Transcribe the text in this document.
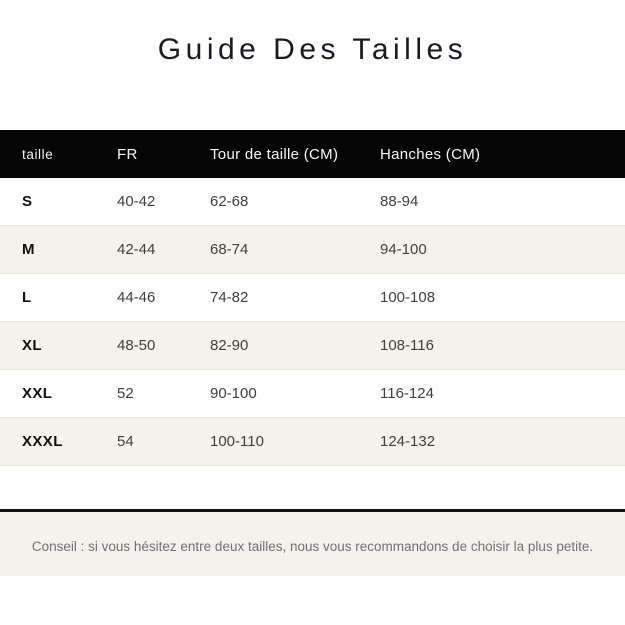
Guide Des Tailles
taille	FR	Tour de taille (CM)	Hanches (CM)
S	40-42	62-68	88-94
M	42-44	68-74	94-100
L	44-46	74-82	100-108
XL	48-50	82-90	108-116
XXL	52	90-100	116-124
XXXL	54	100-110	124-132
Conseil : si vous hésitez entre deux tailles, nous vous recommandons de choisir la plus petite.
